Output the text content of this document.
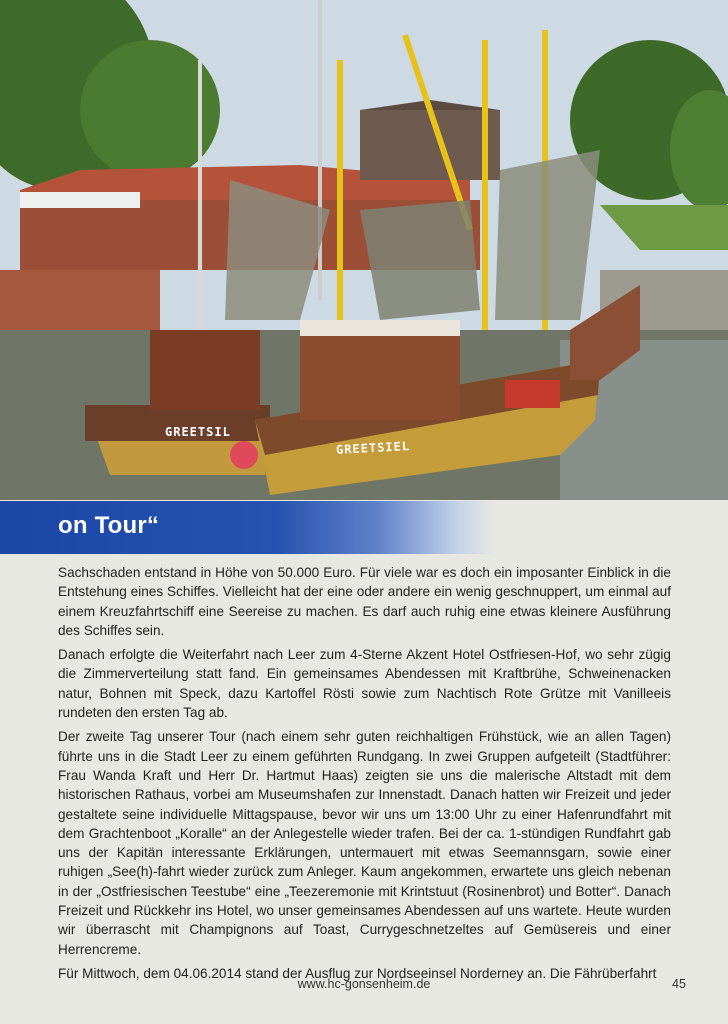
on Tour“

Sachschaden entstand in Höhe von 50.000 Euro. Für viele war es doch ein imposanter Einblick in die Entstehung eines Schiffes. Vielleicht hat der eine oder andere ein wenig geschnuppert, um einmal auf einem Kreuzfahrtschiff eine Seereise zu machen. Es darf auch ruhig eine etwas kleinere Ausführung des Schiffes sein.

Danach erfolgte die Weiterfahrt nach Leer zum 4-Sterne Akzent Hotel Ostfriesen-Hof, wo sehr zügig die Zimmerverteilung statt fand. Ein gemeinsames Abendessen mit Kraftbrühe, Schweinenacken natur, Bohnen mit Speck, dazu Kartoffel Rösti sowie zum Nachtisch Rote Grütze mit Vanilleeis rundeten den ersten Tag ab.

Der zweite Tag unserer Tour (nach einem sehr guten reichhaltigen Frühstück, wie an allen Tagen) führte uns in die Stadt Leer zu einem geführten Rundgang. In zwei Gruppen aufgeteilt (Stadtführer: Frau Wanda Kraft und Herr Dr. Hartmut Haas) zeigten sie uns die malerische Altstadt mit dem historischen Rathaus, vorbei am Museumshafen zur Innenstadt. Danach hatten wir Freizeit und jeder gestaltete seine individuelle Mittagspause, bevor wir uns um 13:00 Uhr zu einer Hafenrundfahrt mit dem Grachtenboot „Koralle“ an der Anlegestelle wieder trafen. Bei der ca. 1-stündigen Rundfahrt gab uns der Kapitän interessante Erklärungen, untermauert mit etwas Seemannsgarn, sowie einer ruhigen „See(h)-fahrt wieder zurück zum Anleger. Kaum angekommen, erwartete uns gleich nebenan in der „Ostfriesischen Teestube“ eine „Teezeremonie mit Krintstuut (Rosinenbrot) und Botter“. Danach Freizeit und Rückkehr ins Hotel, wo unser gemeinsames Abendessen auf uns wartete. Heute wurden wir überrascht mit Champignons auf Toast, Currygeschnetzeltes auf Gemüsereis und einer Herrencreme.

Für Mittwoch, dem 04.06.2014 stand der Ausflug zur Nordseeinsel Norderney an. Die Fährüberfahrt

www.hc-gonsenheim.de	45
GREETSIL
GREETSIEL
